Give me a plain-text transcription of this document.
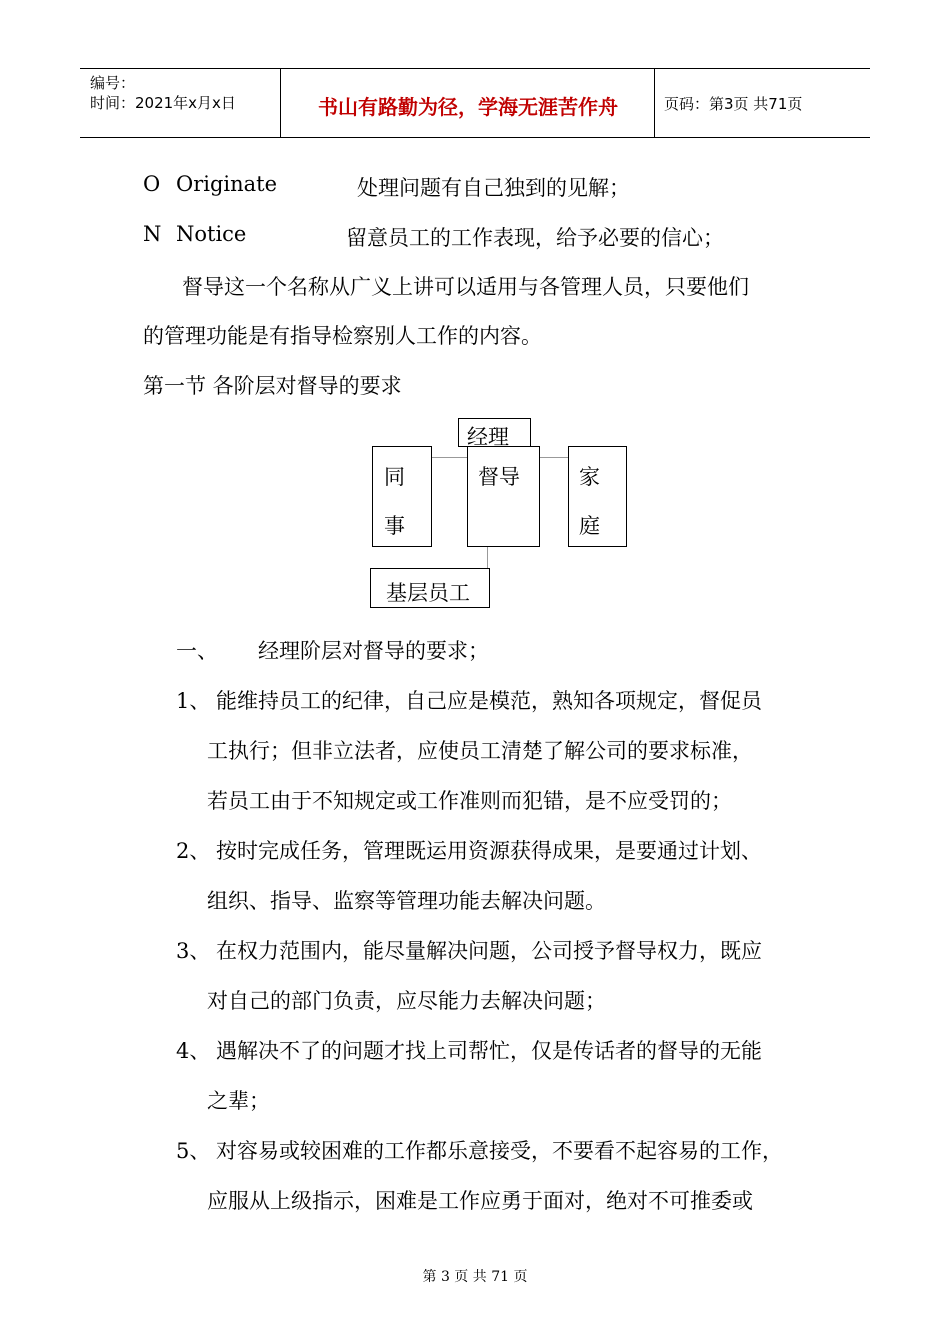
编号：
时间：2021年x月x日	书山有路勤为径，学海无涯苦作舟	页码：第3页 共71页
O Originate	处理问题有自己独到的见解；
N Notice	留意员工的工作表现，给予必要的信心；
督导这一个名称从广义上讲可以适用与各管理人员，只要他们
的管理功能是有指导检察别人工作的内容。
第一节 各阶层对督导的要求
经理
同
事
督导	家
庭
基层员工
一、 经理阶层对督导的要求；
1、 能维持员工的纪律，自己应是模范，熟知各项规定，督促员
工执行；但非立法者，应使员工清楚了解公司的要求标准，
若员工由于不知规定或工作准则而犯错，是不应受罚的；
2、 按时完成任务，管理既运用资源获得成果，是要通过计划、
组织、指导、监察等管理功能去解决问题。
3、 在权力范围内，能尽量解决问题，公司授予督导权力，既应
对自己的部门负责，应尽能力去解决问题；
4、 遇解决不了的问题才找上司帮忙，仅是传话者的督导的无能
之辈；
5、 对容易或较困难的工作都乐意接受，不要看不起容易的工作，
应服从上级指示，困难是工作应勇于面对，绝对不可推委或
第 3 页 共 71 页
